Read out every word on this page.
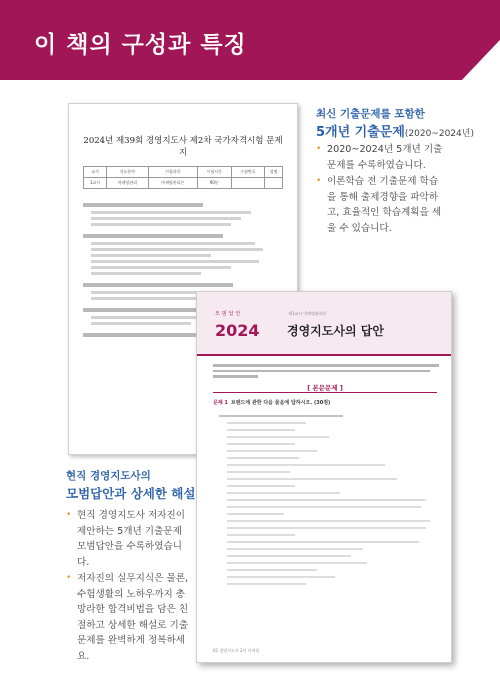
이 책의 구성과 특징
최신 기출문제를 포함한
5개년 기출문제(2020~2024년)
• 2020~2024년 5개년 기출문제를 수록하였습니다.
• 이론학습 전 기출문제 학습을 통해 출제경향을 파악하고, 효율적인 학습계획을 세울 수 있습니다.
2024년 제39회 경영지도사 제2차 국가자격시험 문제지
교시	지도분야	시험과목	시험시간	수험번호	성명
1교시	마케팅관리	마케팅관리론	90분		
현직 경영지도사의
모범답안과 상세한 해설
• 현직 경영지도사 저자진이 제안하는 5개년 기출문제 모범답안을 수록하였습니다.
• 저자진의 실무지식은 물론, 수험생활의 노하우까지 총망라한 합격비법을 담은 친절하고 상세한 해설로 기출문제를 완벽하게 정복하세요.
모범답안
2024
제1교시 마케팅관리론
경영지도사의 답안
[ 본문문제 ]
문제 1 브랜드에 관한 다음 물음에 답하시오. (30점)
02 경영지도사 2차 마케팅
